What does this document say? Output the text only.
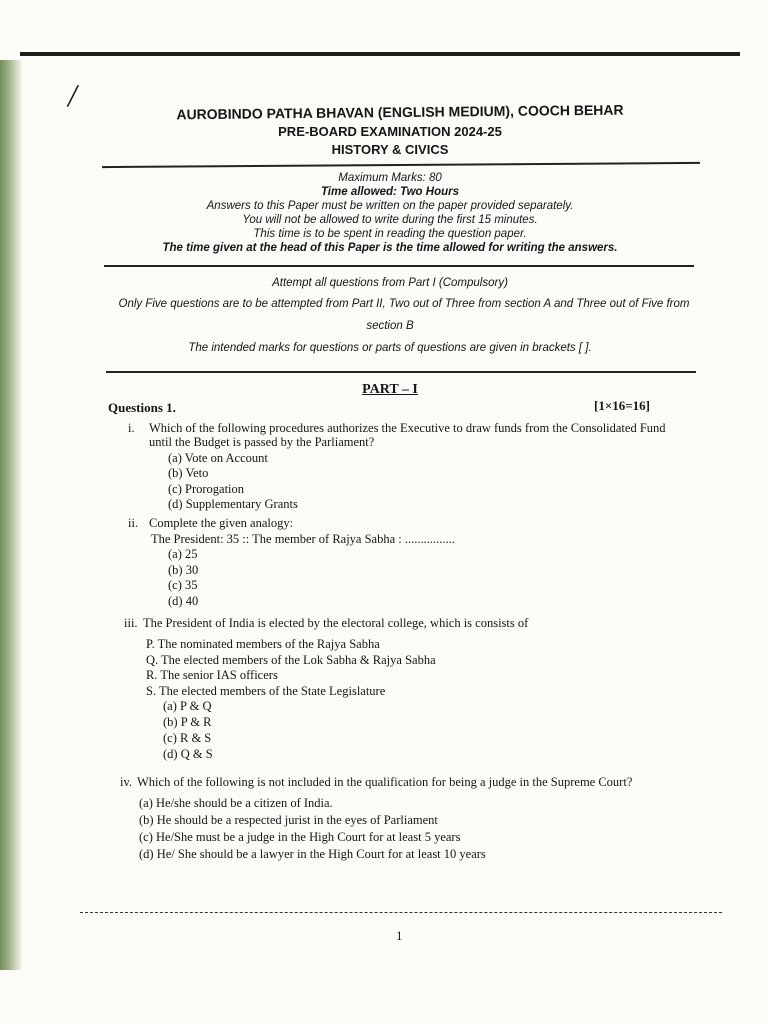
/	AUROBINDO PATHA BHAVAN (ENGLISH MEDIUM), COOCH BEHAR
PRE-BOARD EXAMINATION 2024-25
HISTORY & CIVICS
Maximum Marks: 80
Time allowed: Two Hours
Answers to this Paper must be written on the paper provided separately.
You will not be allowed to write during the first 15 minutes.
This time is to be spent in reading the question paper.
The time given at the head of this Paper is the time allowed for writing the answers.
Attempt all questions from Part I (Compulsory)
Only Five questions are to be attempted from Part II, Two out of Three from section A and Three out of Five from
section B
The intended marks for questions or parts of questions are given in brackets [ ].
PART – I
Questions 1.	[1×16=16]
i. Which of the following procedures authorizes the Executive to draw funds from the Consolidated Fund
until the Budget is passed by the Parliament?
(a) Vote on Account
(b) Veto
(c) Prorogation
(d) Supplementary Grants
ii. Complete the given analogy:
The President: 35 :: The member of Rajya Sabha : ................
(a) 25
(b) 30
(c) 35
(d) 40
iii. The President of India is elected by the electoral college, which is consists of
P. The nominated members of the Rajya Sabha
Q. The elected members of the Lok Sabha & Rajya Sabha
R. The senior IAS officers
S. The elected members of the State Legislature
(a) P & Q
(b) P & R
(c) R & S
(d) Q & S
iv. Which of the following is not included in the qualification for being a judge in the Supreme Court?
(a) He/she should be a citizen of India.
(b) He should be a respected jurist in the eyes of Parliament
(c) He/She must be a judge in the High Court for at least 5 years
(d) He/ She should be a lawyer in the High Court for at least 10 years
1
